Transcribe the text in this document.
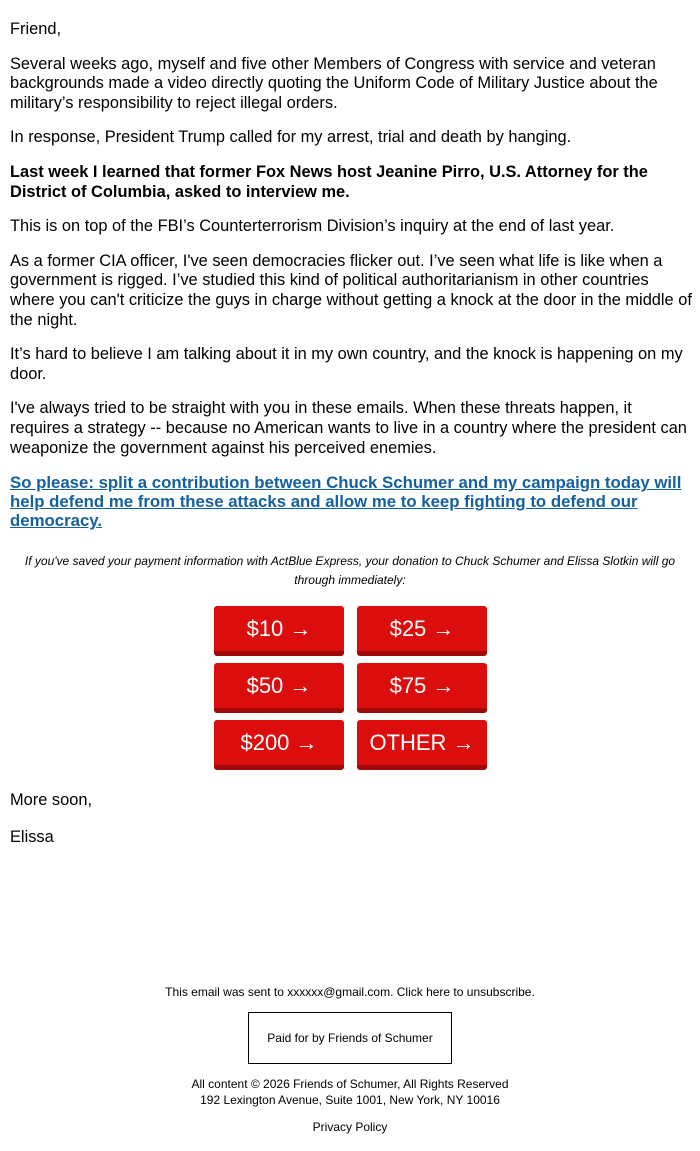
Friend,

Several weeks ago, myself and five other Members of Congress with service and veteran backgrounds made a video directly quoting the Uniform Code of Military Justice about the military’s responsibility to reject illegal orders.

In response, President Trump called for my arrest, trial and death by hanging.

Last week I learned that former Fox News host Jeanine Pirro, U.S. Attorney for the District of Columbia, asked to interview me.

This is on top of the FBI’s Counterterrorism Division’s inquiry at the end of last year.

As a former CIA officer, I've seen democracies flicker out. I’ve seen what life is like when a government is rigged. I’ve studied this kind of political authoritarianism in other countries where you can't criticize the guys in charge without getting a knock at the door in the middle of the night.

It’s hard to believe I am talking about it in my own country, and the knock is happening on my door.

I've always tried to be straight with you in these emails. When these threats happen, it requires a strategy -- because no American wants to live in a country where the president can weaponize the government against his perceived enemies.

So please: split a contribution between Chuck Schumer and my campaign today will help defend me from these attacks and allow me to keep fighting to defend our democracy.
If you've saved your payment information with ActBlue Express, your donation to Chuck Schumer and Elissa Slotkin will go through immediately:
$10 →	$25 →
$50 →	$75 →
$200 →	OTHER →

More soon,

Elissa

This email was sent to xxxxxx@gmail.com. Click here to unsubscribe.
Paid for by Friends of Schumer
All content © 2026 Friends of Schumer, All Rights Reserved
192 Lexington Avenue, Suite 1001, New York, NY 10016
Privacy Policy
